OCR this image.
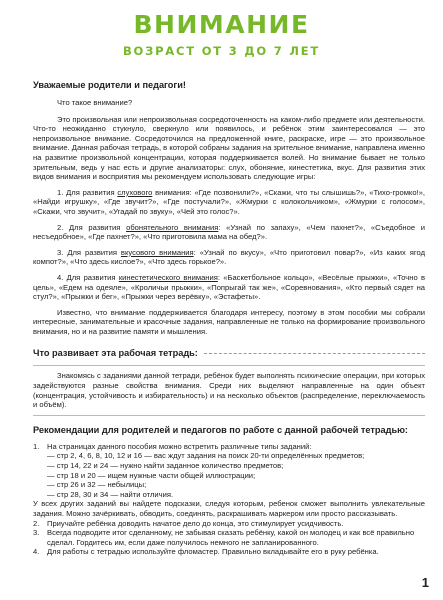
ВНИМАНИЕ
ВОЗРАСТ ОТ 3 ДО 7 ЛЕТ
Уважаемые родители и педагоги!

Что такое внимание?

Это произвольная или непроизвольная сосредоточенность на каком-либо предмете или деятельности. Что-то неожиданно стукнуло, сверкнуло или появилось, и ребёнок этим заинтересовался — это непроизвольное внимание. Сосредоточился на предложенной книге, раскраске, игре — это произвольное внимание. Данная рабочая тетрадь, в которой собраны задания на зрительное внимание, направлена именно на развитие произвольной концентрации, которая поддерживается волей. Но внимание бывает не только зрительным, ведь у нас есть и другие анализаторы: слух, обоняние, кинестетика, вкус. Для развития этих видов внимания и восприятия мы рекомендуем использовать следующие игры:

1. Для развития слухового внимания: «Где позвонили?», «Скажи, что ты слышишь?», «Тихо-громко!», «Найди игрушку», «Где звучит?», «Где постучали?», «Жмурки с колокольчиком», «Жмурки с голосом», «Скажи, что звучит», «Угадай по звуку», «Чей это голос?».

2. Для развития обонятельного внимания: «Узнай по запаху», «Чем пахнет?», «Съедобное и несъедобное», «Где пахнет?», «Что приготовила мама на обед?».

3. Для развития вкусового внимания: «Узнай по вкусу», «Что приготовил повар?», «Из каких ягод компот?», «Что здесь кислое?», «Что здесь горькое?».

4. Для развития кинестетического внимания: «Баскетбольное кольцо», «Весёлые прыжки», «Точно в цель», «Едем на одеяле», «Кроличьи прыжки», «Попрыгай так же», «Соревнования», «Кто первый сядет на стул?», «Прыжки и бег», «Прыжки через верёвку», «Эстафеты».

Известно, что внимание поддерживается благодаря интересу, поэтому в этом пособии мы собрали интересные, занимательные и красочные задания, направленные не только на формирование произвольного внимания, но и на развитие памяти и мышления.

Что развивает эта рабочая тетрадь:

Знакомясь с заданиями данной тетради, ребёнок будет выполнять психические операции, при которых задействуются разные свойства внимания. Среди них выделяют направленные на один объект (концентрация, устойчивость и избирательность) и на несколько объектов (распределение, переключаемость и объём).

Рекомендации для родителей и педагогов по работе с данной рабочей тетрадью:
1.	На страницах данного пособия можно встретить различные типы заданий:
— стр 2, 4, 6, 8, 10, 12 и 16 — вас ждут задания на поиск 20-ти определённых предметов;
— стр 14, 22 и 24 — нужно найти заданное количество предметов;
— стр 18 и 20 — ищем нужные части общей иллюстрации;
— стр 26 и 32 — небылицы;
— стр 28, 30 и 34 — найти отличия.

У всех других заданий вы найдете подсказки, следуя которым, ребенок сможет выполнить увлекательные задания. Можно зачёркивать, обводить, соединять, раскрашивать маркером или просто рассказывать.

2.	Приучайте ребёнка доводить начатое дело до конца, это стимулирует усидчивость.
3.	Всегда подводите итог сделанному, не забывая сказать ребёнку, какой он молодец и как всё правильно сделал. Гордитесь им, если даже получилось немного не запланированного.
4.	Для работы с тетрадью используйте фломастер. Правильно вкладывайте его в руку ребёнка.
1
